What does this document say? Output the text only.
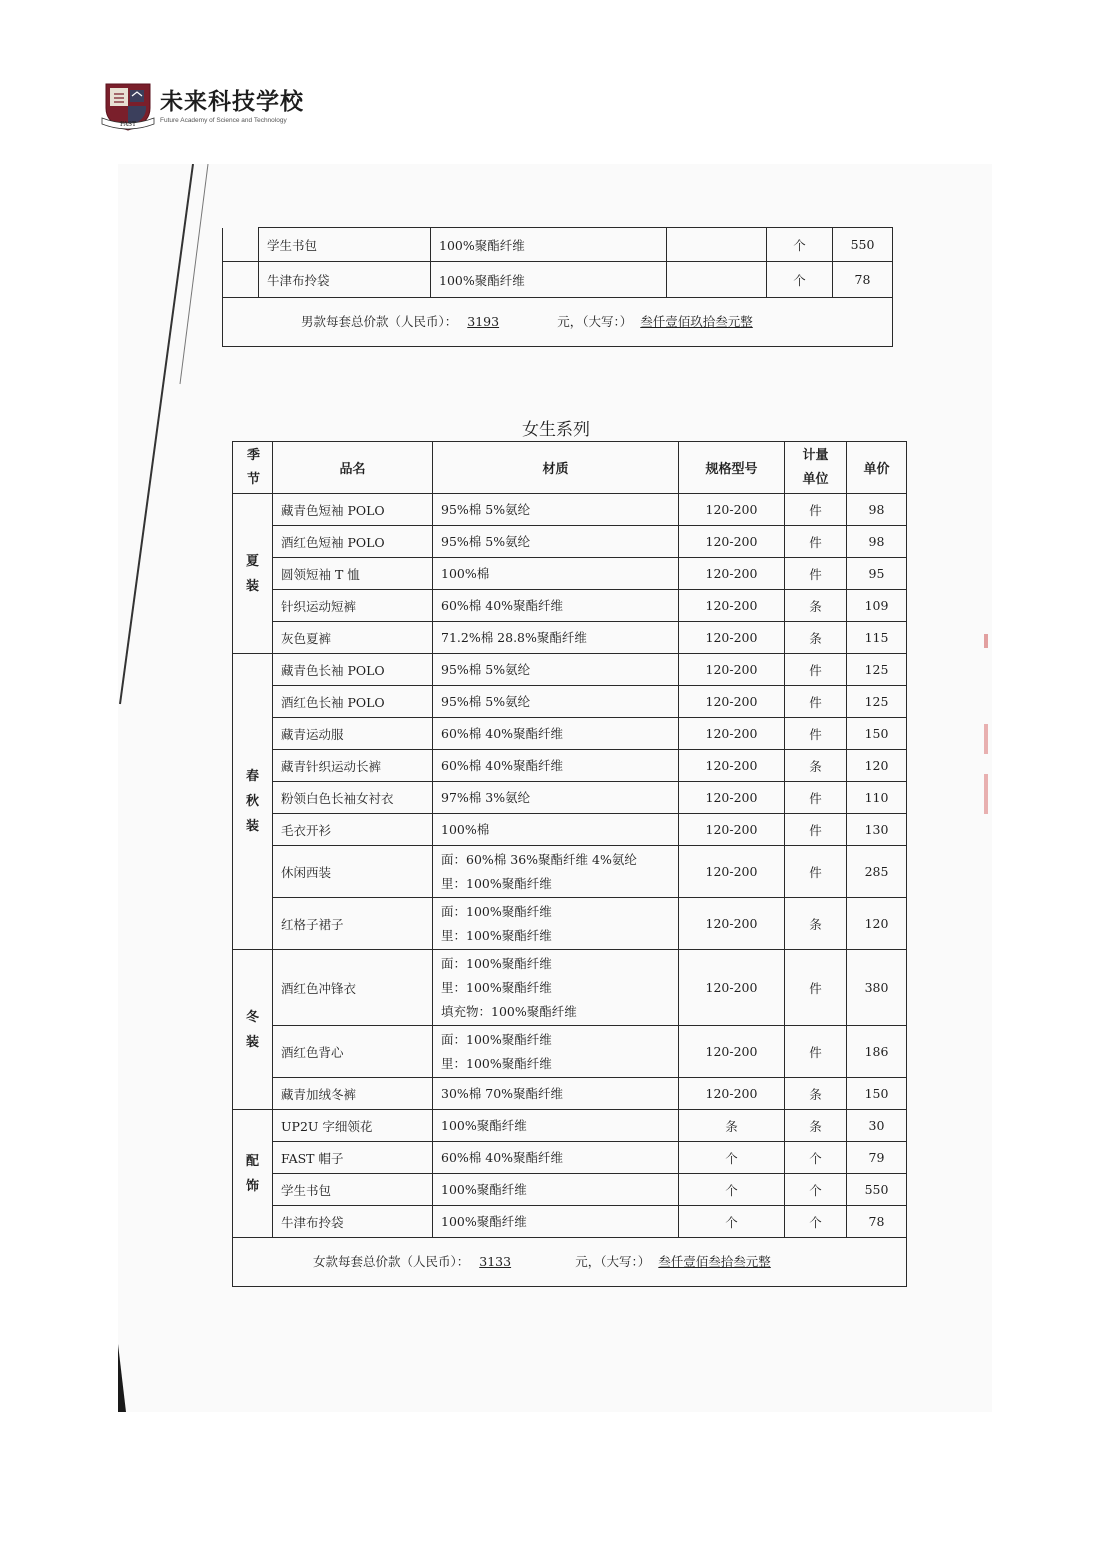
FAST
未来科技学校
Future Academy of Science and Technology
	学生书包	100%聚酯纤维		个	550
	牛津布拎袋	100%聚酯纤维		个	78
男款每套总价款（人民币）： 3193 元，（大写：） 叁仟壹佰玖拾叁元整					
女生系列
季节	品名	材质	规格型号	计量单位	单价
夏装	藏青色短袖 POLO	95%棉 5%氨纶	120-200	件	98
	酒红色短袖 POLO	95%棉 5%氨纶	120-200	件	98
	圆领短袖 T 恤	100%棉	120-200	件	95
	针织运动短裤	60%棉 40%聚酯纤维	120-200	条	109
	灰色夏裤	71.2%棉 28.8%聚酯纤维	120-200	条	115
春秋装	藏青色长袖 POLO	95%棉 5%氨纶	120-200	件	125
	酒红色长袖 POLO	95%棉 5%氨纶	120-200	件	125
	藏青运动服	60%棉 40%聚酯纤维	120-200	件	150
	藏青针织运动长裤	60%棉 40%聚酯纤维	120-200	条	120
	粉领白色长袖女衬衣	97%棉 3%氨纶	120-200	件	110
	毛衣开衫	100%棉	120-200	件	130
	休闲西装	面：60%棉 36%聚酯纤维 4%氨纶
里：100%聚酯纤维	120-200	件	285
	红格子裙子	面：100%聚酯纤维
里：100%聚酯纤维	120-200	条	120
冬装	酒红色冲锋衣	面：100%聚酯纤维
里：100%聚酯纤维
填充物：100%聚酯纤维	120-200	件	380
	酒红色背心	面：100%聚酯纤维
里：100%聚酯纤维	120-200	件	186
	藏青加绒冬裤	30%棉 70%聚酯纤维	120-200	条	150
配饰	UP2U 字细领花	100%聚酯纤维	条	条	30
	FAST 帽子	60%棉 40%聚酯纤维	个	个	79
	学生书包	100%聚酯纤维	个	个	550
	牛津布拎袋	100%聚酯纤维	个	个	78
女款每套总价款（人民币）： 3133 元，（大写：） 叁仟壹佰叁拾叁元整					
